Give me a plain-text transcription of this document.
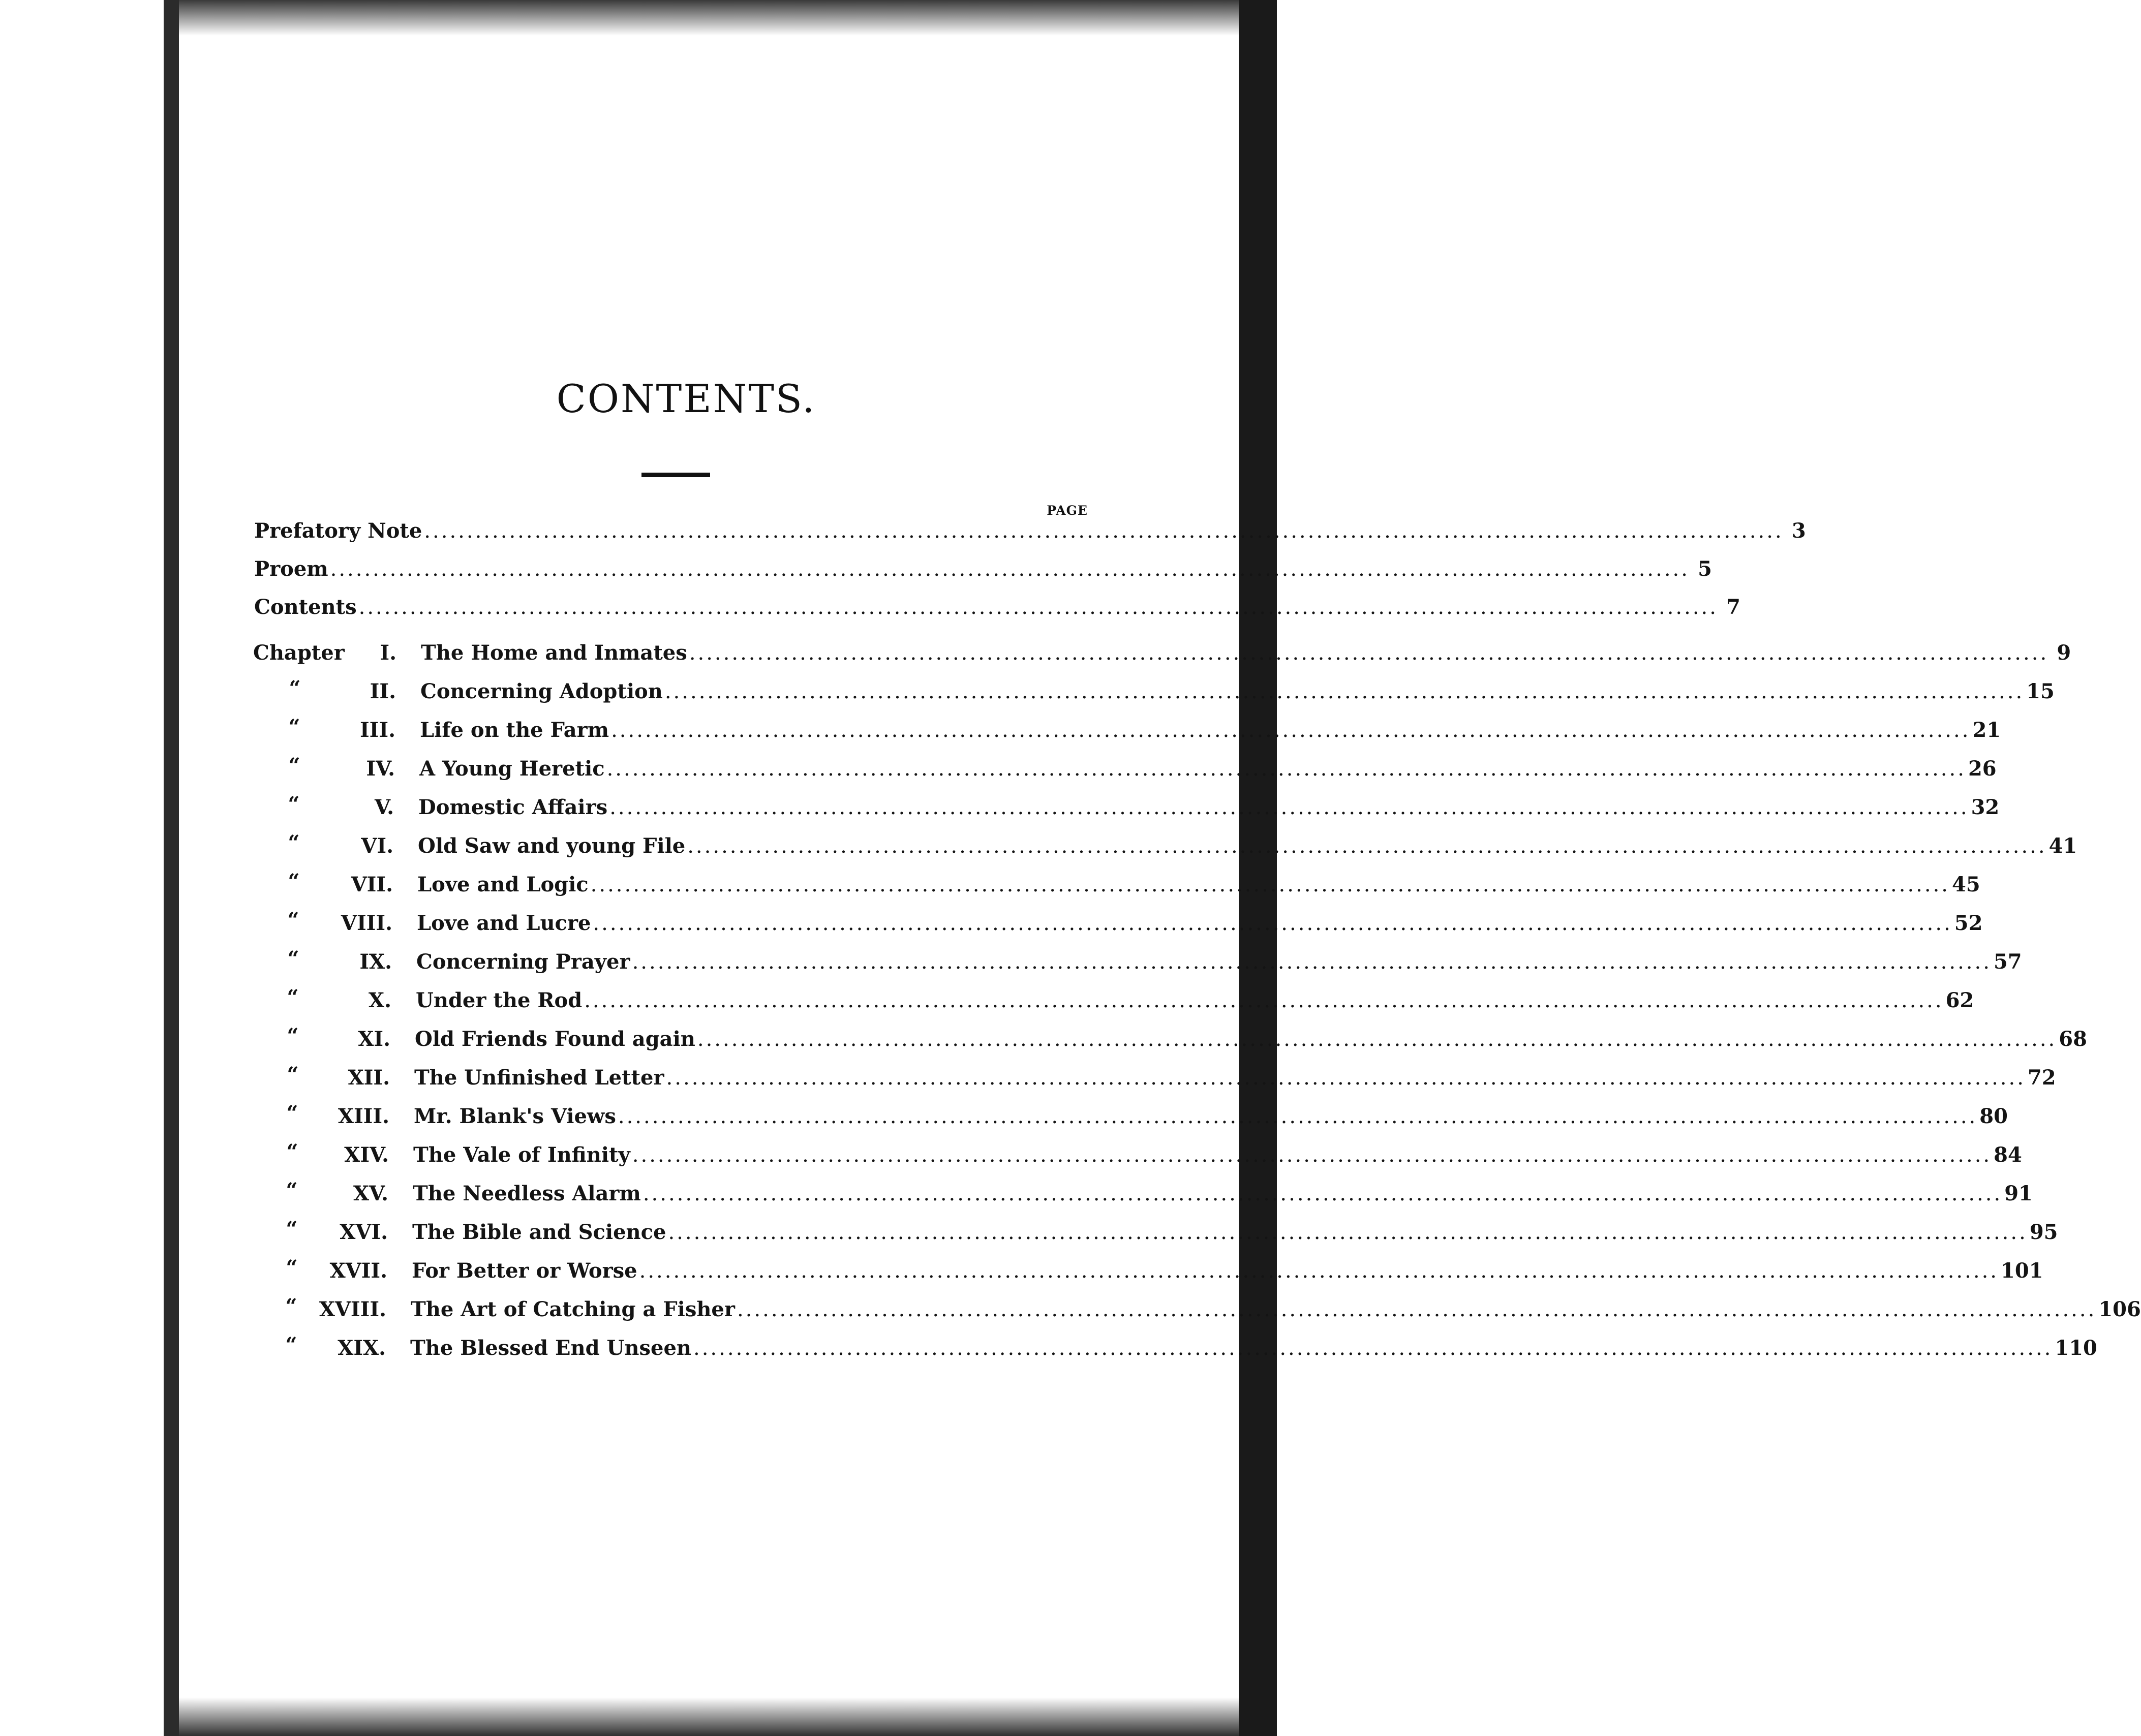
CONTENTS.
PAGE
Prefatory Note ................................................................................................................................................................ 3
Proem ................................................................................................................................................................ 5
Contents ................................................................................................................................................................ 7
Chapter	I. The Home and Inmates ................................................................................................................................................................ 9
“	II. Concerning Adoption ................................................................................................................................................................ 15
“	III. Life on the Farm ................................................................................................................................................................ 21
“	IV. A Young Heretic ................................................................................................................................................................ 26
“	V. Domestic Affairs ................................................................................................................................................................ 32
“	VI. Old Saw and young File ................................................................................................................................................................ 41
“	VII. Love and Logic ................................................................................................................................................................ 45
“	VIII. Love and Lucre ................................................................................................................................................................ 52
“	IX. Concerning Prayer ................................................................................................................................................................ 57
“	X. Under the Rod ................................................................................................................................................................ 62
“	XI. Old Friends Found again ................................................................................................................................................................ 68
“	XII. The Unfinished Letter ................................................................................................................................................................ 72
“	XIII. Mr. Blank's Views ................................................................................................................................................................ 80
“	XIV. The Vale of Infinity ................................................................................................................................................................ 84
“	XV. The Needless Alarm ................................................................................................................................................................ 91
“	XVI. The Bible and Science ................................................................................................................................................................ 95
“	XVII. For Better or Worse ................................................................................................................................................................ 101
“	XVIII. The Art of Catching a Fisher ................................................................................................................................................................ 106
“	XIX. The Blessed End Unseen ................................................................................................................................................................ 110
